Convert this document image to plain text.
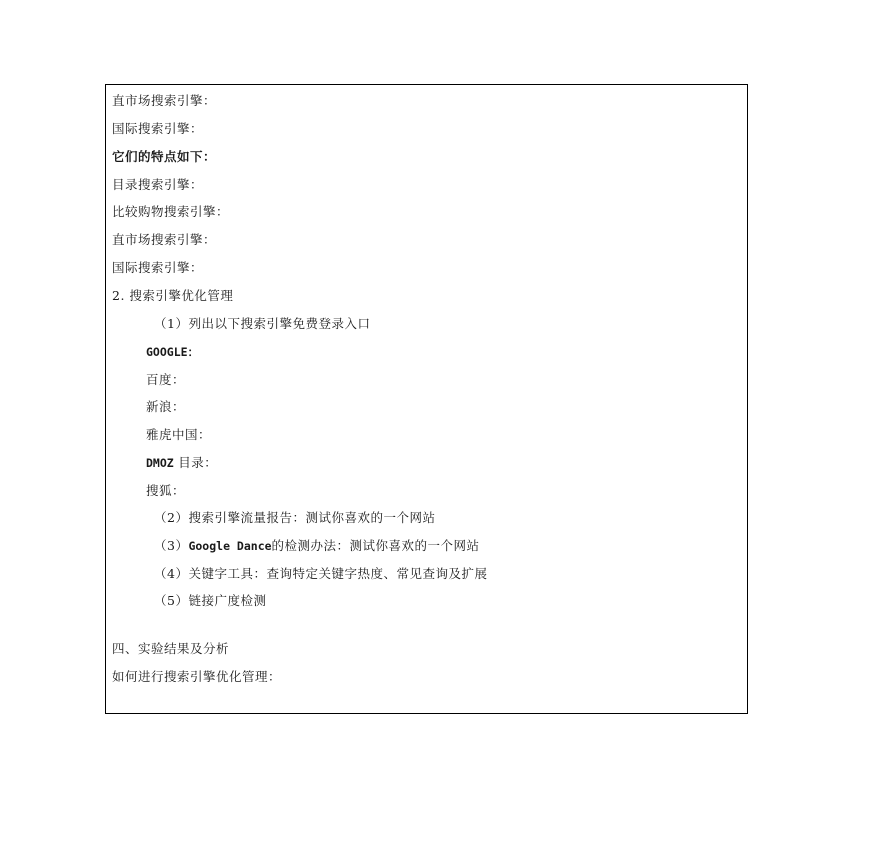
直市场搜索引擎：
国际搜索引擎：
它们的特点如下：
目录搜索引擎：
比较购物搜索引擎：
直市场搜索引擎：
国际搜索引擎：
2. 搜索引擎优化管理
（1）列出以下搜索引擎免费登录入口
GOOGLE：
百度：
新浪：
雅虎中国：
DMOZ 目录：
搜狐：
（2）搜索引擎流量报告：测试你喜欢的一个网站
（3）Google Dance的检测办法：测试你喜欢的一个网站
（4）关键字工具：查询特定关键字热度、常见查询及扩展
（5）链接广度检测
四、实验结果及分析
如何进行搜索引擎优化管理：
